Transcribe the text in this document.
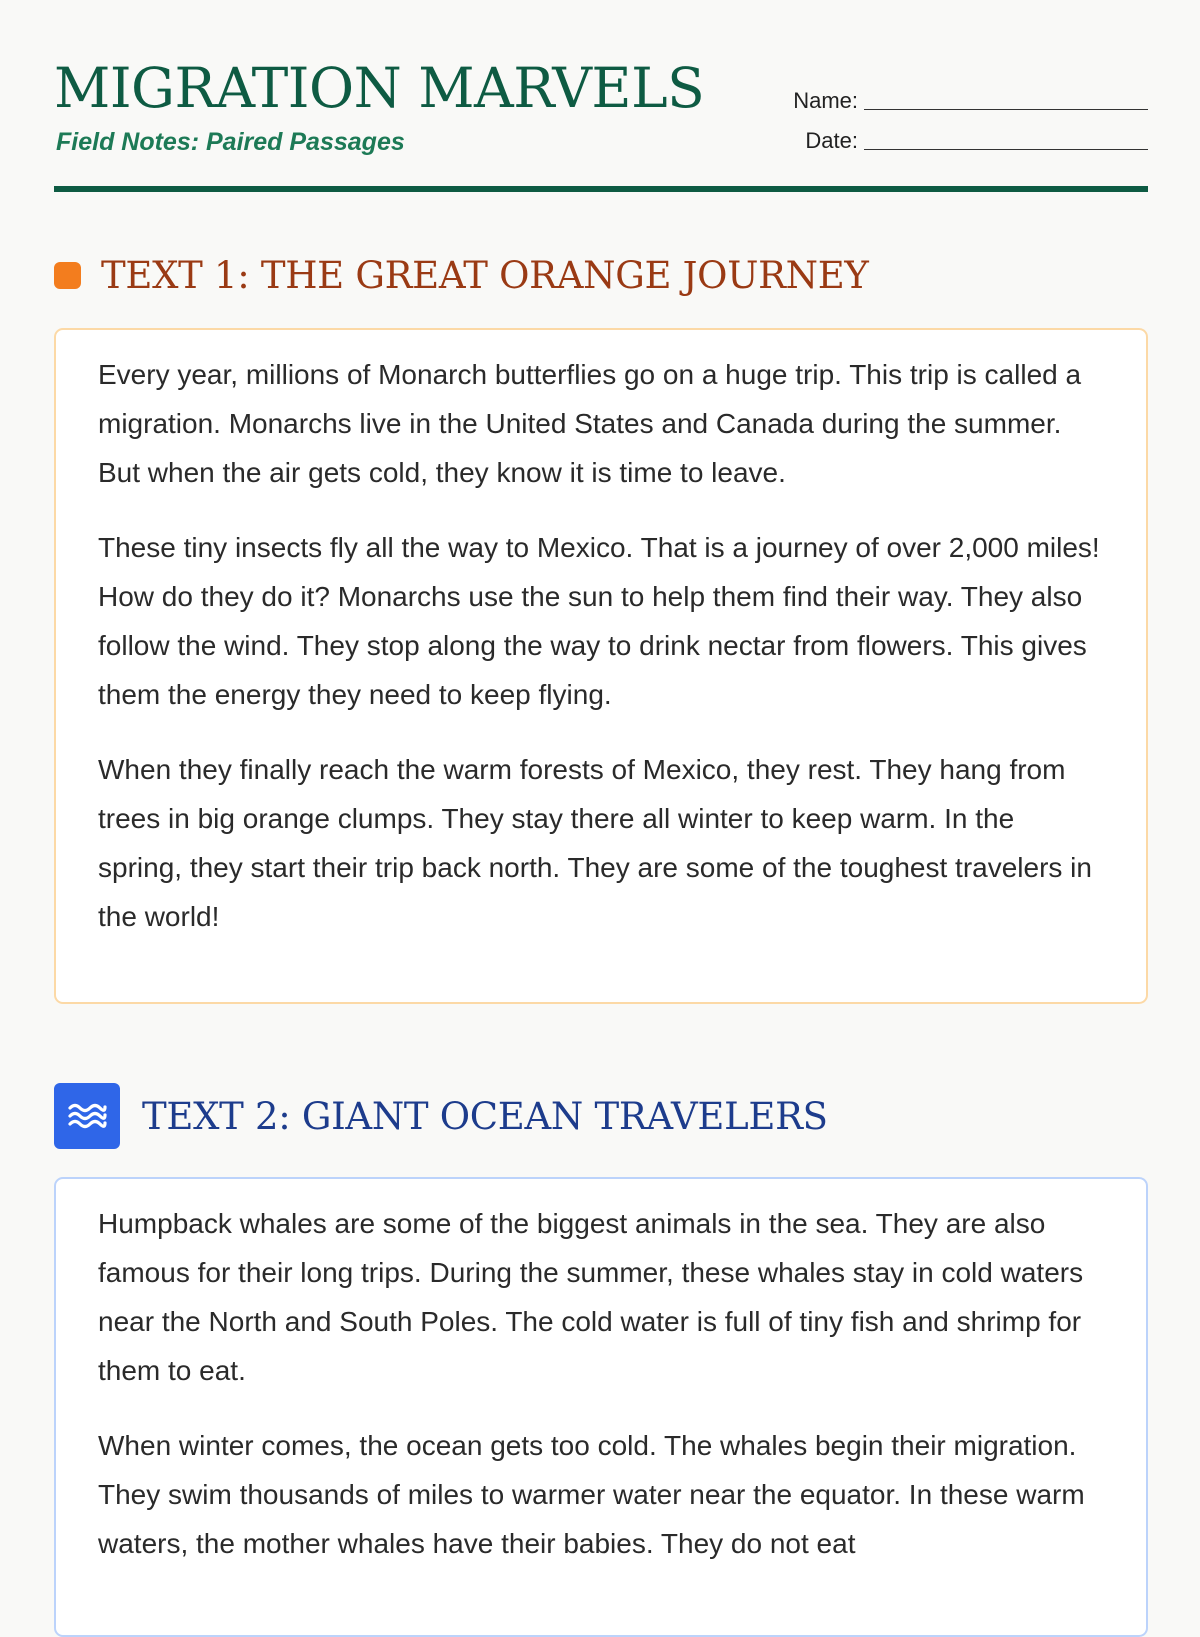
MIGRATION MARVELS
Field Notes: Paired Passages
Name:
Date:
TEXT 1: THE GREAT ORANGE JOURNEY

Every year, millions of Monarch butterflies go on a huge trip. This trip is called a migration. Monarchs live in the United States and Canada during the summer. But when the air gets cold, they know it is time to leave.

These tiny insects fly all the way to Mexico. That is a journey of over 2,000 miles! How do they do it? Monarchs use the sun to help them find their way. They also follow the wind. They stop along the way to drink nectar from flowers. This gives them the energy they need to keep flying.

When they finally reach the warm forests of Mexico, they rest. They hang from trees in big orange clumps. They stay there all winter to keep warm. In the spring, they start their trip back north. They are some of the toughest travelers in the world!

TEXT 2: GIANT OCEAN TRAVELERS

Humpback whales are some of the biggest animals in the sea. They are also famous for their long trips. During the summer, these whales stay in cold waters near the North and South Poles. The cold water is full of tiny fish and shrimp for them to eat.

When winter comes, the ocean gets too cold. The whales begin their migration. They swim thousands of miles to warmer water near the equator. In these warm waters, the mother whales have their babies. They do not eat
